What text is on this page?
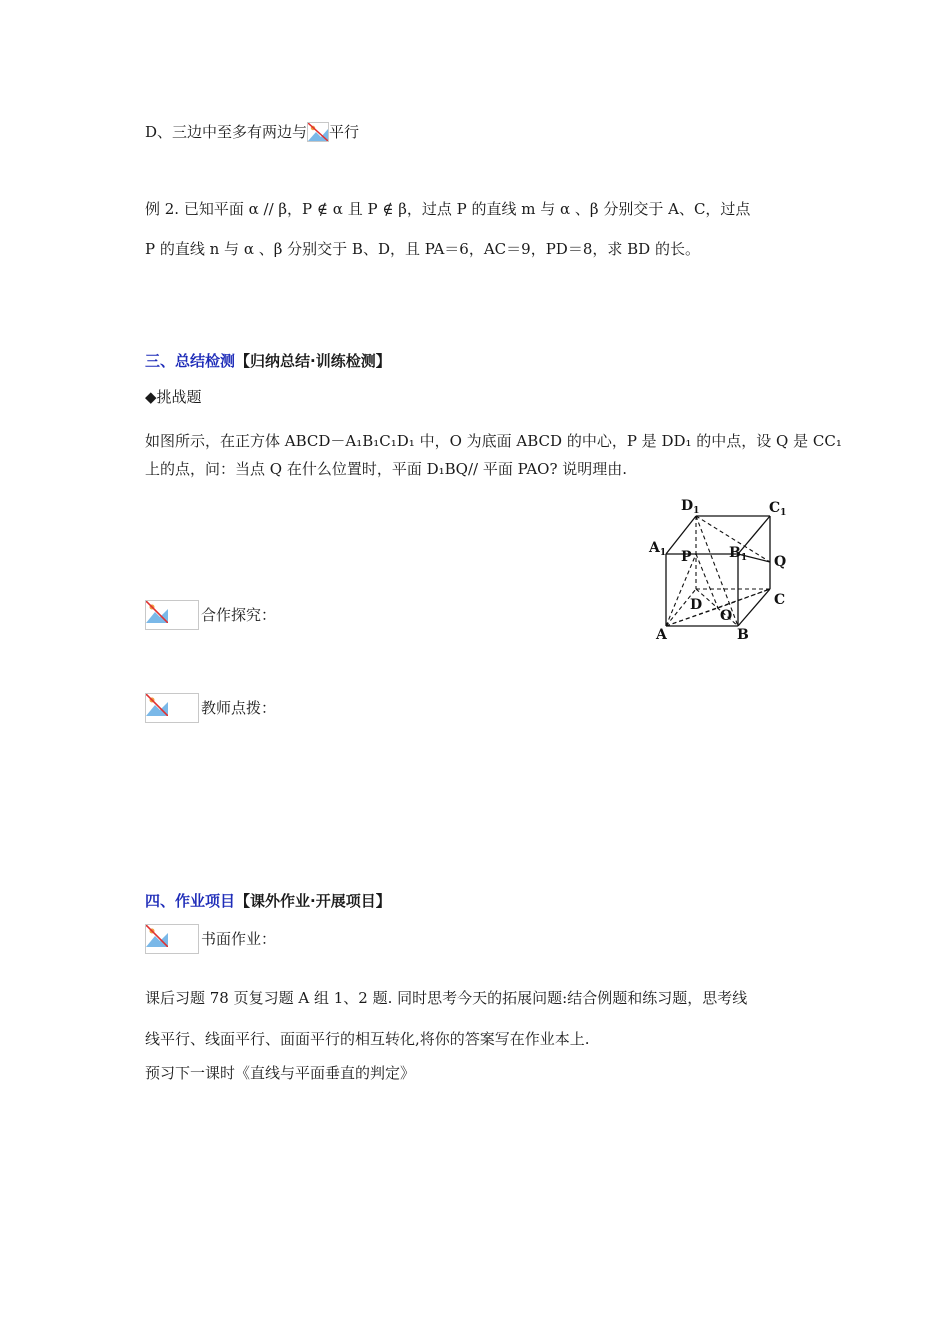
D、三边中至多有两边与 平行
例 2. 已知平面 α // β，P ∉ α 且 P ∉ β，过点 P 的直线 m 与 α 、β 分别交于 A、C，过点
P 的直线 n 与 α 、β 分别交于 B、D，且 PA＝6，AC＝9，PD＝8，求 BD 的长。
三、总结检测【归纳总结·训练检测】
◆挑战题
如图所示，在正方体 ABCD－A₁B₁C₁D₁ 中，O 为底面 ABCD 的中心，P 是 DD₁ 的中点，设 Q 是 CC₁
上的点，问：当点 Q 在什么位置时，平面 D₁BQ// 平面 PAO? 说明理由.
$D_1$	$C_1$
$A_1$	$B_1$
P	Q
D
O
C
A	B
合作探究：
教师点拨：
四、作业项目【课外作业·开展项目】
书面作业：
课后习题 78 页复习题 A 组 1、2 题. 同时思考今天的拓展问题:结合例题和练习题，思考线
线平行、线面平行、面面平行的相互转化,将你的答案写在作业本上.
预习下一课时《直线与平面垂直的判定》
